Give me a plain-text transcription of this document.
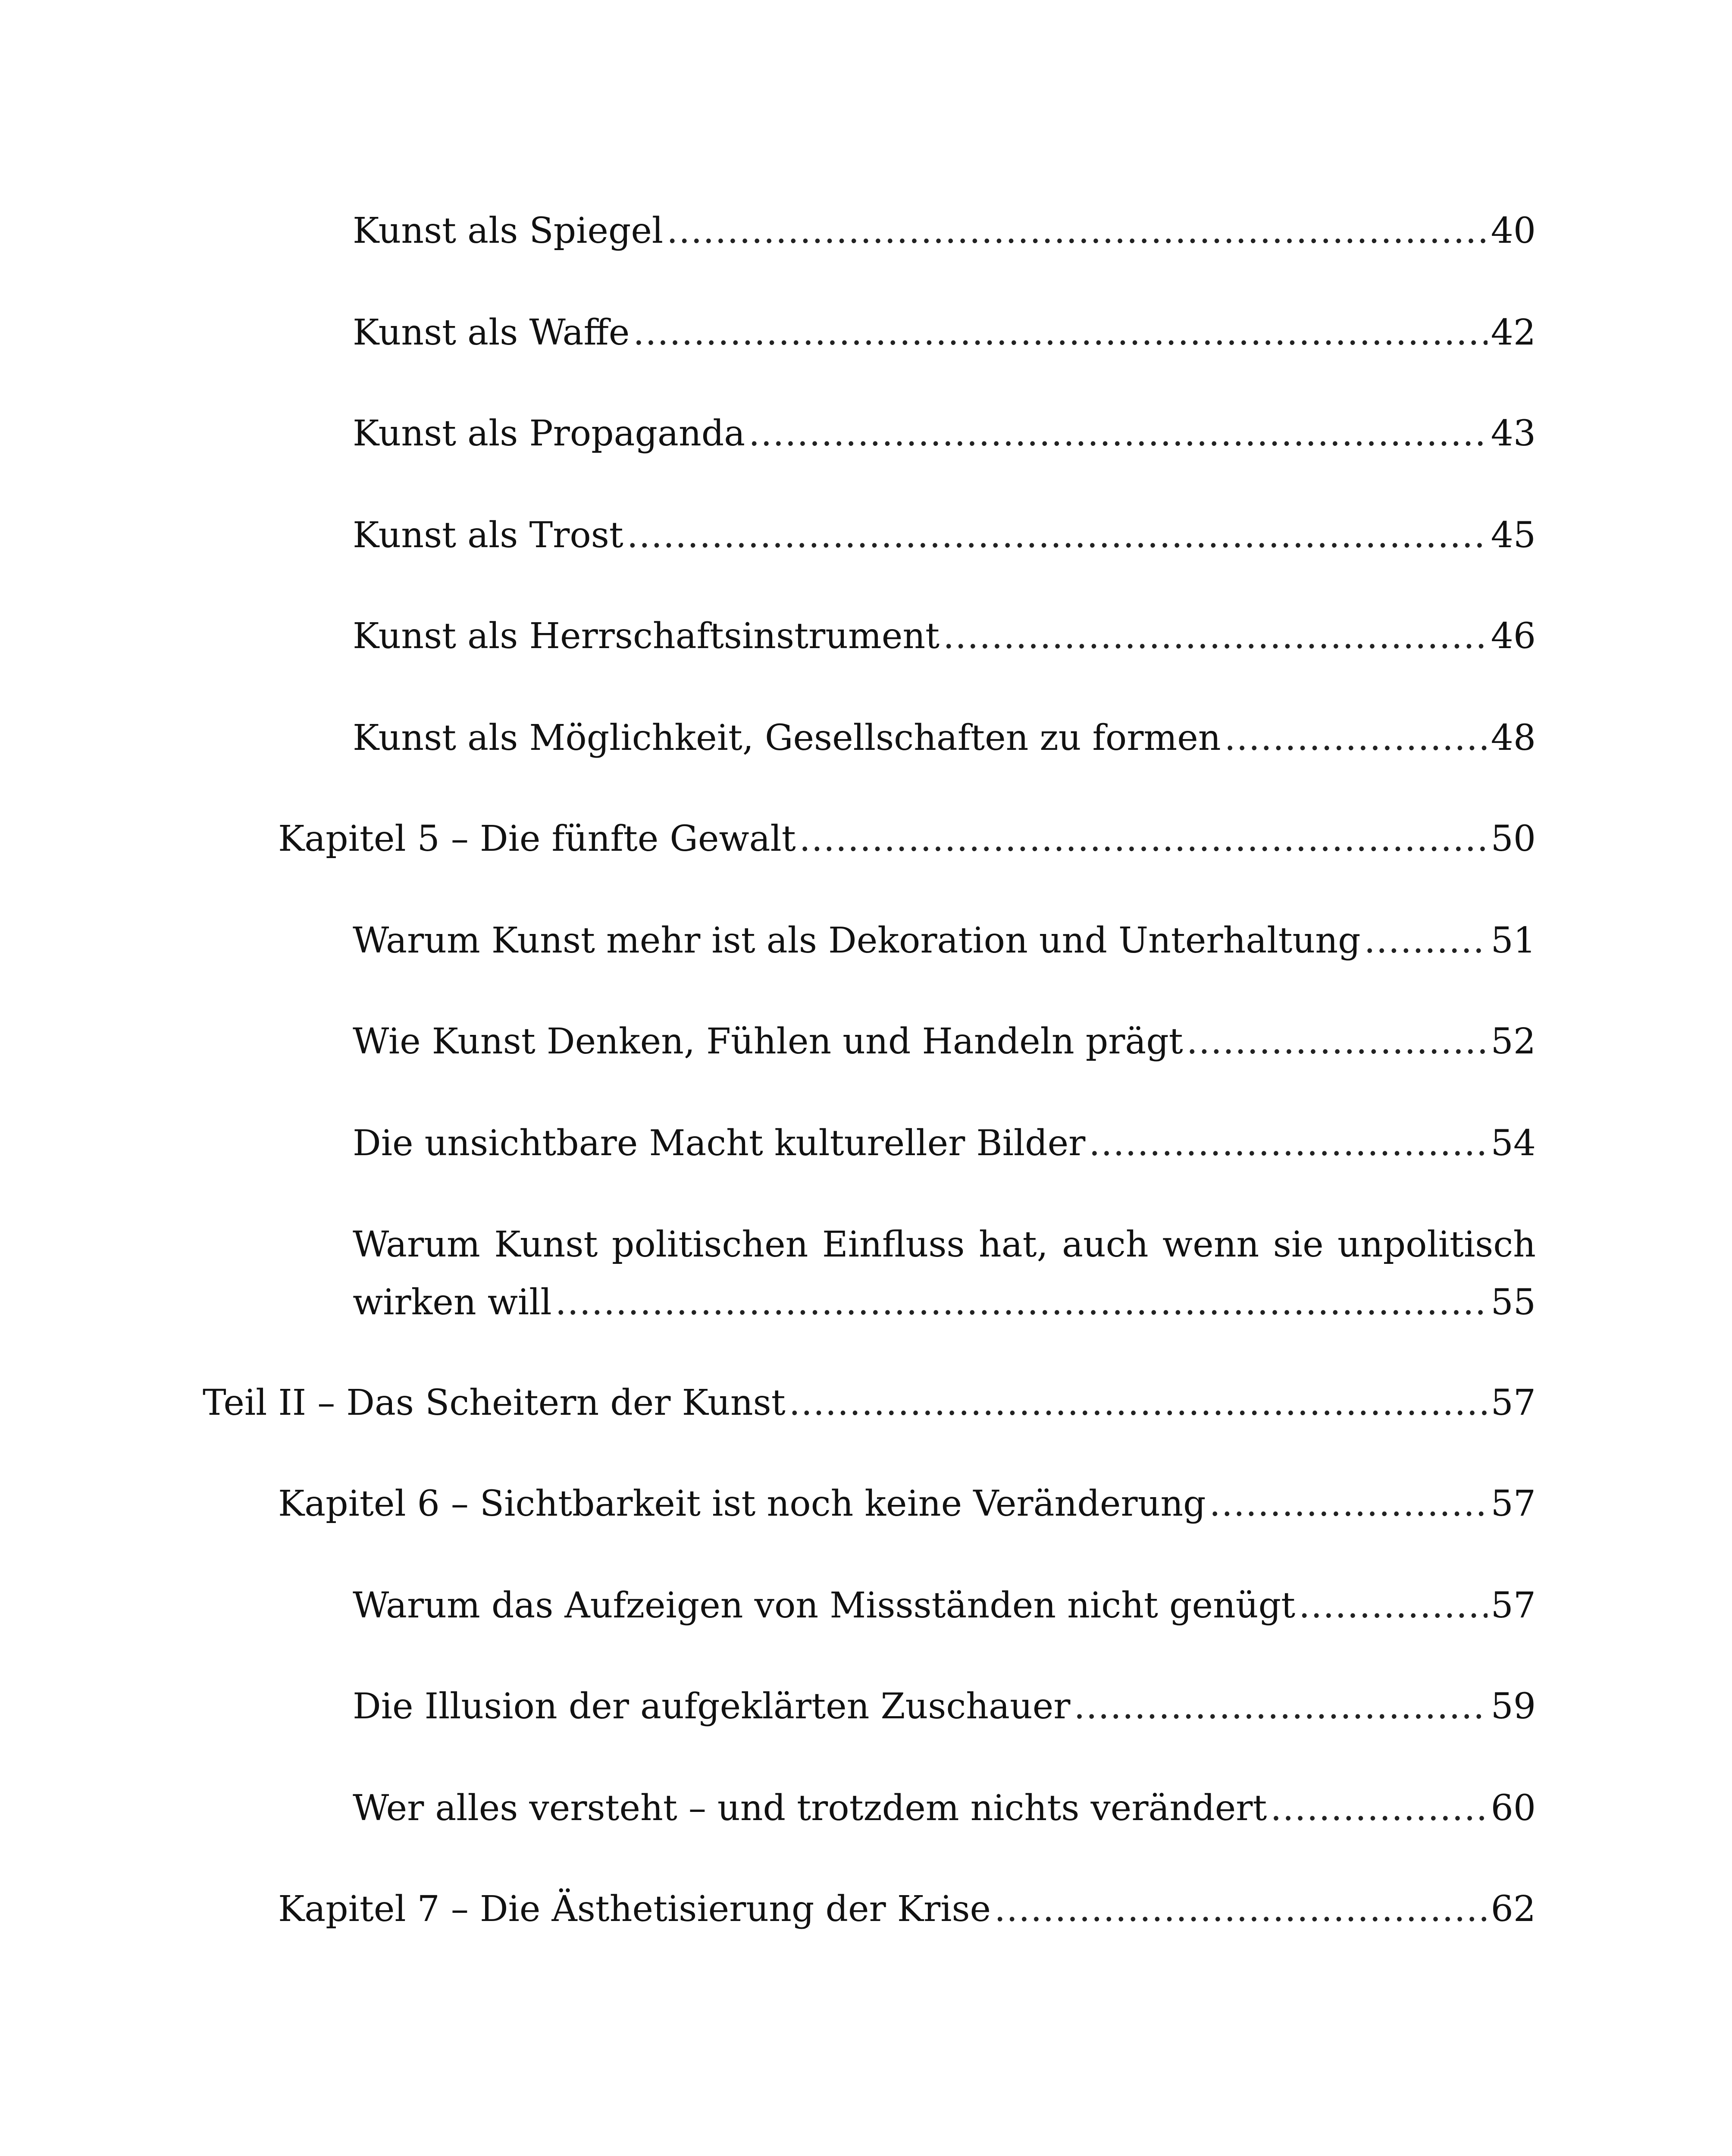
Kunst als Spiegel .....	40
Kunst als Waffe .....	42
Kunst als Propaganda .....	43
Kunst als Trost .....	45
Kunst als Herrschaftsinstrument .....	46
Kunst als Möglichkeit, Gesellschaften zu formen .....	48
Kapitel 5 – Die fünfte Gewalt .....	50
Warum Kunst mehr ist als Dekoration und Unterhaltung .....	51
Wie Kunst Denken, Fühlen und Handeln prägt .....	52
Die unsichtbare Macht kultureller Bilder .....	54
Warum Kunst politischen Einfluss hat, auch wenn sie unpolitisch
wirken will .....	55
Teil II – Das Scheitern der Kunst .....	57
Kapitel 6 – Sichtbarkeit ist noch keine Veränderung .....	57
Warum das Aufzeigen von Missständen nicht genügt .....	57
Die Illusion der aufgeklärten Zuschauer .....	59
Wer alles versteht – und trotzdem nichts verändert .....	60
Kapitel 7 – Die Ästhetisierung der Krise .....	62
